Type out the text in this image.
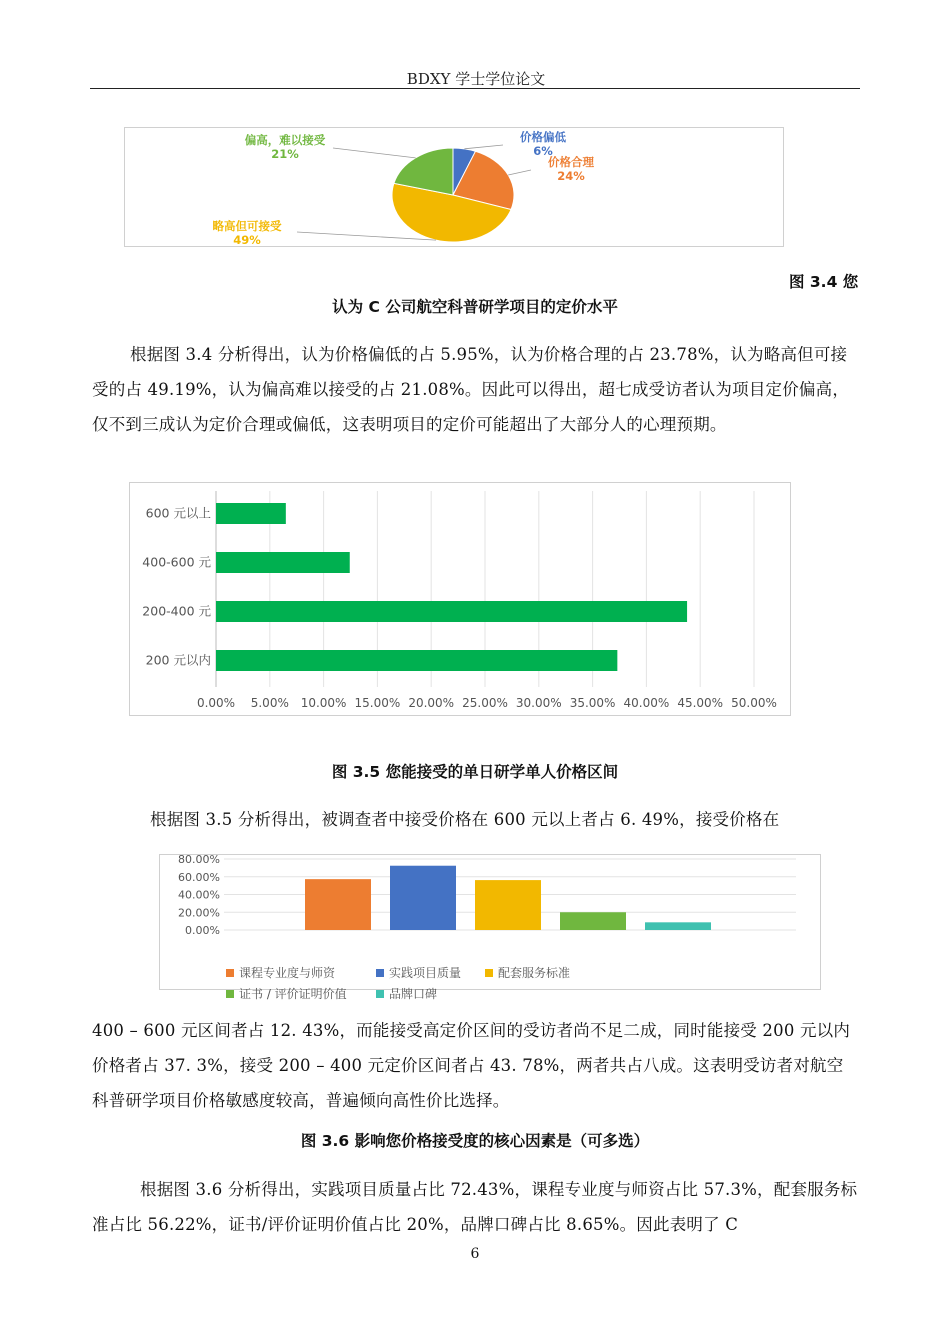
BDXY 学士学位论文
价格偏低
6%
价格合理
24%
略高但可接受
49%
偏高，难以接受
21%
图 3.4 您
认为 C 公司航空科普研学项目的定价水平

根据图 3.4 分析得出，认为价格偏低的占 5.95%，认为价格合理的占 23.78%，认为略高但可接受的占 49.19%，认为偏高难以接受的占 21.08%。因此可以得出，超七成受访者认为项目定价偏高，仅不到三成认为定价合理或偏低，这表明项目的定价可能超出了大部分人的心理预期。

0.00% 5.00% 10.00% 15.00% 20.00% 25.00% 30.00% 35.00% 40.00% 45.00% 50.00%
600 元以上
400-600 元
200-400 元
200 元以内
图 3.5 您能接受的单日研学单人价格区间

根据图 3.5 分析得出，被调查者中接受价格在 600 元以上者占 6. 49%，接受价格在

80.00%
60.00%
40.00%
20.00%
0.00%
课程专业度与师资	实践项目质量	配套服务标准
证书 / 评价证明价值	品牌口碑

400 – 600 元区间者占 12. 43%，而能接受高定价区间的受访者尚不足二成，同时能接受 200 元以内价格者占 37. 3%，接受 200 – 400 元定价区间者占 43. 78%，两者共占八成。这表明受访者对航空科普研学项目价格敏感度较高，普遍倾向高性价比选择。

图 3.6 影响您价格接受度的核心因素是（可多选）

根据图 3.6 分析得出，实践项目质量占比 72.43%，课程专业度与师资占比 57.3%，配套服务标准占比 56.22%，证书/评价证明价值占比 20%，品牌口碑占比 8.65%。因此表明了 C

6
